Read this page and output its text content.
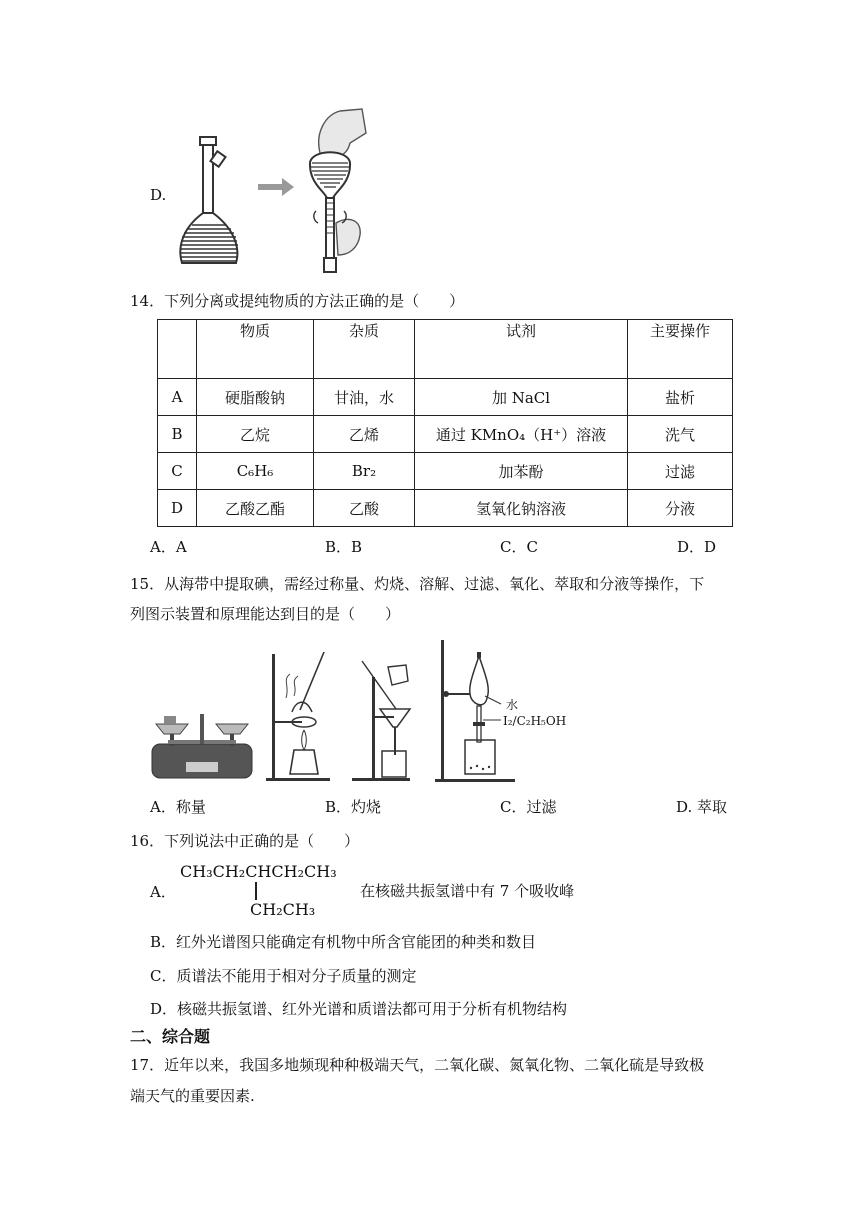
D.
14．下列分离或提纯物质的方法正确的是（　　）
	物质	杂质	试剂	主要操作
A	硬脂酸钠	甘油，水	加 NaCl	盐析
B	乙烷	乙烯	通过 KMnO₄（H⁺）溶液	洗气
C	C₆H₆	Br₂	加苯酚	过滤
D	乙酸乙酯	乙酸	氢氧化钠溶液	分液
A．A	B．B	C．C	D．D
15．从海带中提取碘，需经过称量、灼烧、溶解、过滤、氧化、萃取和分液等操作，下
列图示装置和原理能达到目的是（　　）
水
I₂/C₂H₅OH
A．称量	B．灼烧	C．过滤	D. 萃取
16．下列说法中正确的是（　　）
A．
CH₃CH₂CHCH₂CH₃
CH₂CH₃
在核磁共振氢谱中有 7 个吸收峰
B．红外光谱图只能确定有机物中所含官能团的种类和数目
C．质谱法不能用于相对分子质量的测定
D．核磁共振氢谱、红外光谱和质谱法都可用于分析有机物结构
二、综合题
17．近年以来，我国多地频现种种极端天气，二氧化碳、氮氧化物、二氧化硫是导致极
端天气的重要因素.
